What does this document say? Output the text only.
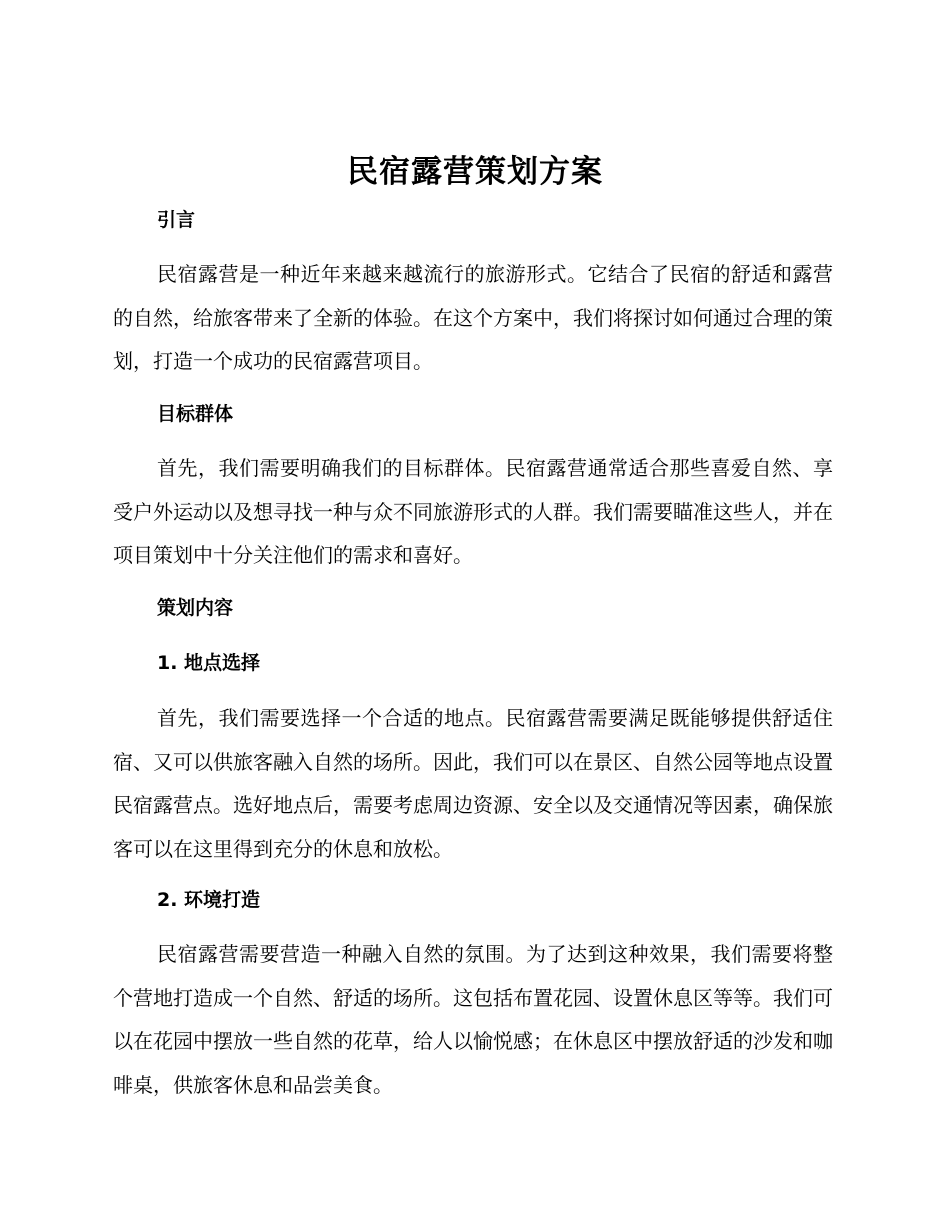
民宿露营策划方案
引言

民宿露营是一种近年来越来越流行的旅游形式。它结合了民宿的舒适和露营的自然，给旅客带来了全新的体验。在这个方案中，我们将探讨如何通过合理的策划，打造一个成功的民宿露营项目。

目标群体

首先，我们需要明确我们的目标群体。民宿露营通常适合那些喜爱自然、享受户外运动以及想寻找一种与众不同旅游形式的人群。我们需要瞄准这些人，并在项目策划中十分关注他们的需求和喜好。

策划内容
1. 地点选择

首先，我们需要选择一个合适的地点。民宿露营需要满足既能够提供舒适住宿、又可以供旅客融入自然的场所。因此，我们可以在景区、自然公园等地点设置民宿露营点。选好地点后，需要考虑周边资源、安全以及交通情况等因素，确保旅客可以在这里得到充分的休息和放松。

2. 环境打造

民宿露营需要营造一种融入自然的氛围。为了达到这种效果，我们需要将整个营地打造成一个自然、舒适的场所。这包括布置花园、设置休息区等等。我们可以在花园中摆放一些自然的花草，给人以愉悦感；在休息区中摆放舒适的沙发和咖啡桌，供旅客休息和品尝美食。
